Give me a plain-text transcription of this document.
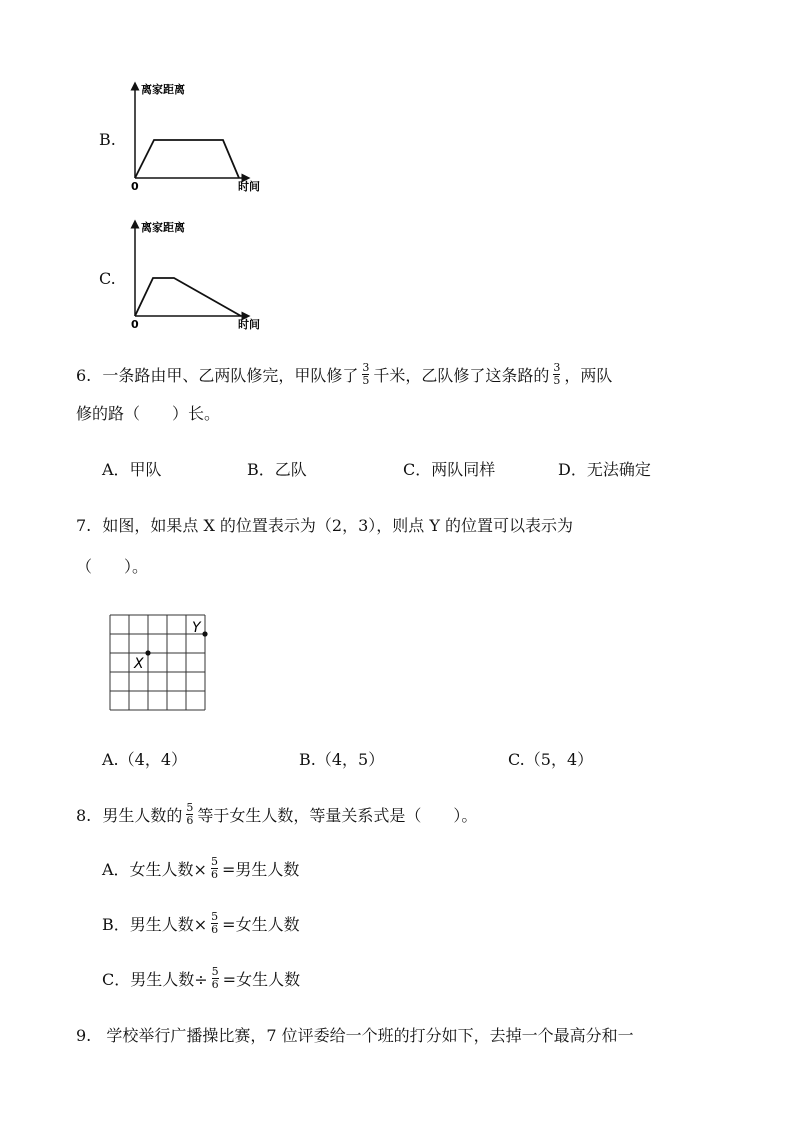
B.
离家距离
时间
0
C.
离家距离
时间
0
6. 一条路由甲、乙两队修完，甲队修了 $\frac{3}{5}$ 千米，乙队修了这条路的 $\frac{3}{5}$ ，两队
修的路（　　）长。
A．甲队	B．乙队	C．两队同样	D．无法确定
7. 如图，如果点 X 的位置表示为（2，3），则点 Y 的位置可以表示为
（　　）。
X
Y
A.（4，4）	B.（4，5）	C.（5，4）
8. 男生人数的 $\frac{5}{6}$ 等于女生人数，等量关系式是（　　）。
A．女生人数× $\frac{5}{6}$ =男生人数
B．男生人数× $\frac{5}{6}$ =女生人数
C．男生人数÷ $\frac{5}{6}$ =女生人数
9. 学校举行广播操比赛，7 位评委给一个班的打分如下，去掉一个最高分和一
